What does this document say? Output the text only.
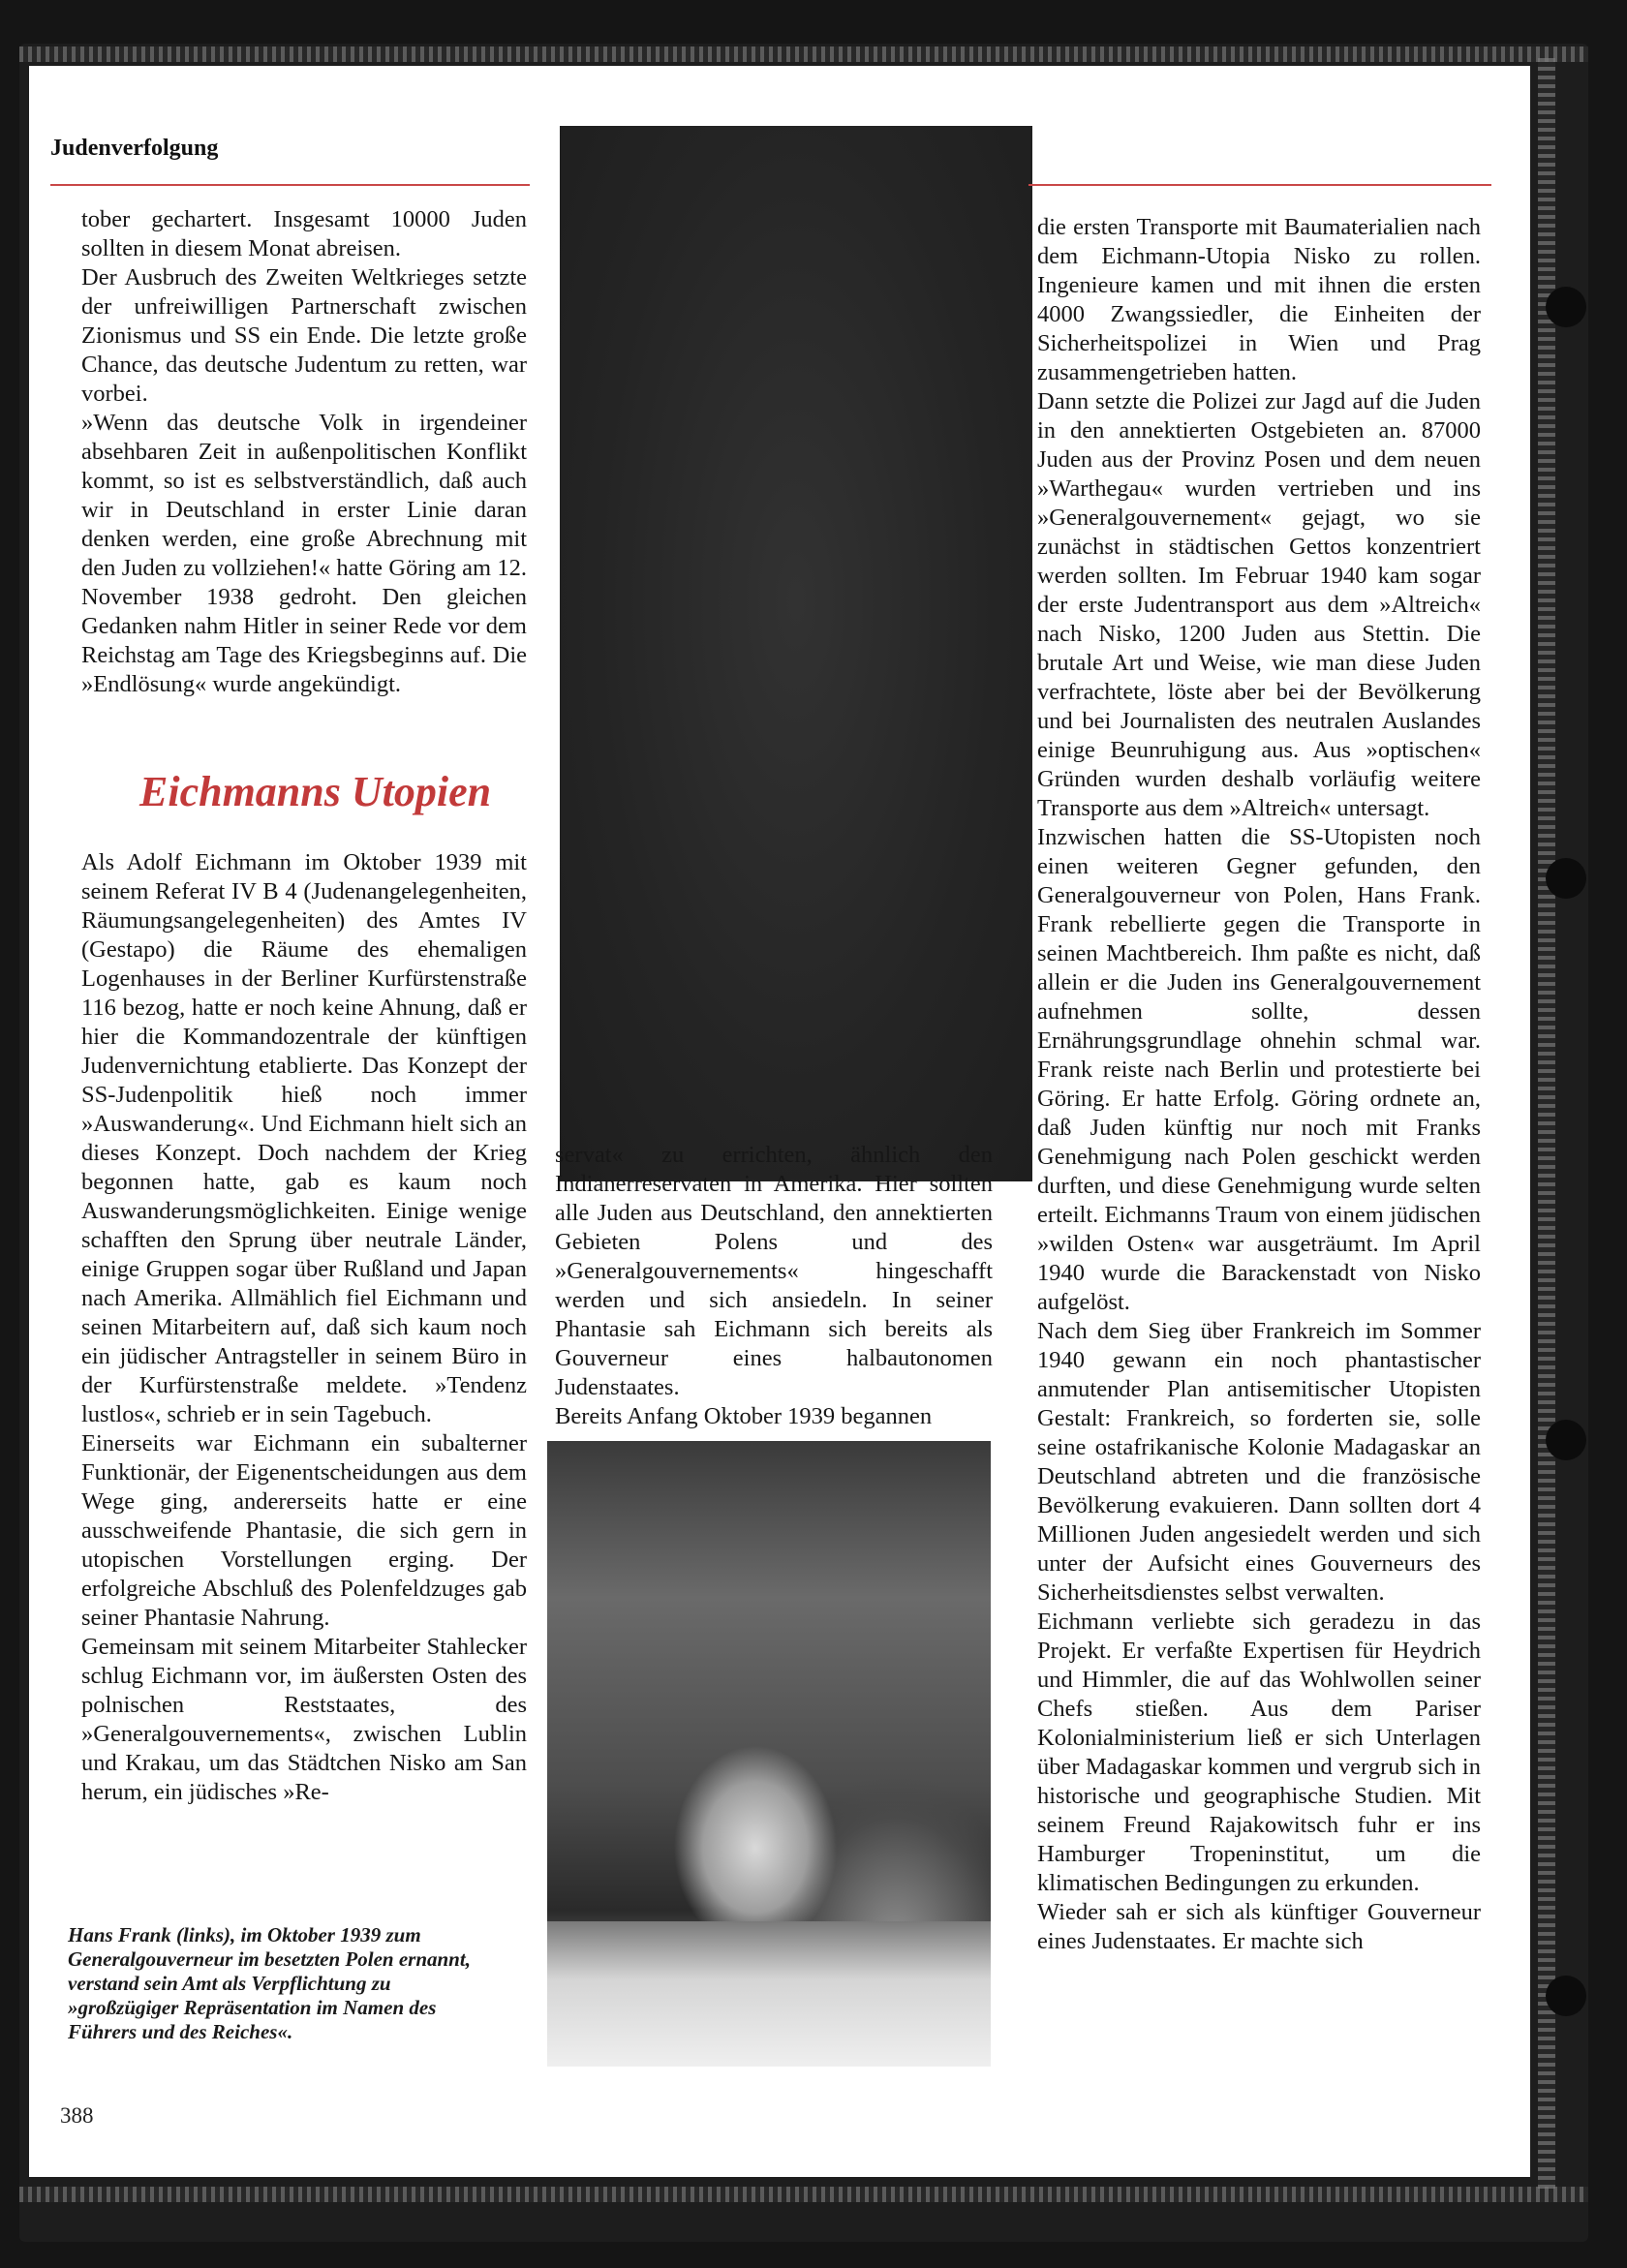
Judenverfolgung

tober gechartert. Insgesamt 10000 Juden sollten in diesem Monat abreisen.

Der Ausbruch des Zweiten Weltkrieges setzte der unfreiwilligen Partnerschaft zwischen Zionismus und SS ein Ende. Die letzte große Chance, das deutsche Judentum zu retten, war vorbei.

»Wenn das deutsche Volk in irgendeiner absehbaren Zeit in außenpolitischen Konflikt kommt, so ist es selbstverständlich, daß auch wir in Deutschland in erster Linie daran denken werden, eine große Abrechnung mit den Juden zu vollziehen!« hatte Göring am 12. November 1938 gedroht. Den gleichen Gedanken nahm Hitler in seiner Rede vor dem Reichstag am Tage des Kriegsbeginns auf. Die »Endlösung« wurde angekündigt.

Eichmanns Utopien

Als Adolf Eichmann im Oktober 1939 mit seinem Referat IV B 4 (Judenangelegenheiten, Räumungsangelegenheiten) des Amtes IV (Gestapo) die Räume des ehemaligen Logenhauses in der Berliner Kurfürstenstraße 116 bezog, hatte er noch keine Ahnung, daß er hier die Kommandozentrale der künftigen Judenvernichtung etablierte. Das Konzept der SS-Judenpolitik hieß noch immer »Auswanderung«. Und Eichmann hielt sich an dieses Konzept. Doch nachdem der Krieg begonnen hatte, gab es kaum noch Auswanderungsmöglichkeiten. Einige wenige schafften den Sprung über neutrale Länder, einige Gruppen sogar über Rußland und Japan nach Amerika. Allmählich fiel Eichmann und seinen Mitarbeitern auf, daß sich kaum noch ein jüdischer Antragsteller in seinem Büro in der Kurfürstenstraße meldete. »Tendenz lustlos«, schrieb er in sein Tagebuch.

Einerseits war Eichmann ein subalterner Funktionär, der Eigenentscheidungen aus dem Wege ging, andererseits hatte er eine ausschweifende Phantasie, die sich gern in utopischen Vorstellungen erging. Der erfolgreiche Abschluß des Polenfeldzuges gab seiner Phantasie Nahrung.

Gemeinsam mit seinem Mitarbeiter Stahlecker schlug Eichmann vor, im äußersten Osten des polnischen Reststaates, des »Generalgouvernements«, zwischen Lublin und Krakau, um das Städtchen Nisko am San herum, ein jüdisches »Re-

servat« zu errichten, ähnlich den Indianerreservaten in Amerika. Hier sollten alle Juden aus Deutschland, den annektierten Gebieten Polens und des »Generalgouvernements« hingeschafft werden und sich ansiedeln. In seiner Phantasie sah Eichmann sich bereits als Gouverneur eines halbautonomen Judenstaates.

Bereits Anfang Oktober 1939 begannen

Hans Frank (links), im Oktober 1939 zum Generalgouverneur im besetzten Polen ernannt, verstand sein Amt als Verpflichtung zu »großzügiger Repräsentation im Namen des Führers und des Reiches«.

die ersten Transporte mit Baumaterialien nach dem Eichmann-Utopia Nisko zu rollen. Ingenieure kamen und mit ihnen die ersten 4000 Zwangssiedler, die Einheiten der Sicherheitspolizei in Wien und Prag zusammengetrieben hatten.

Dann setzte die Polizei zur Jagd auf die Juden in den annektierten Ostgebieten an. 87000 Juden aus der Provinz Posen und dem neuen »Warthegau« wurden vertrieben und ins »Generalgouvernement« gejagt, wo sie zunächst in städtischen Gettos konzentriert werden sollten. Im Februar 1940 kam sogar der erste Judentransport aus dem »Altreich« nach Nisko, 1200 Juden aus Stettin. Die brutale Art und Weise, wie man diese Juden verfrachtete, löste aber bei der Bevölkerung und bei Journalisten des neutralen Auslandes einige Beunruhigung aus. Aus »optischen« Gründen wurden deshalb vorläufig weitere Transporte aus dem »Altreich« untersagt.

Inzwischen hatten die SS-Utopisten noch einen weiteren Gegner gefunden, den Generalgouverneur von Polen, Hans Frank. Frank rebellierte gegen die Transporte in seinen Machtbereich. Ihm paßte es nicht, daß allein er die Juden ins Generalgouvernement aufnehmen sollte, dessen Ernährungsgrundlage ohnehin schmal war. Frank reiste nach Berlin und protestierte bei Göring. Er hatte Erfolg. Göring ordnete an, daß Juden künftig nur noch mit Franks Genehmigung nach Polen geschickt werden durften, und diese Genehmigung wurde selten erteilt. Eichmanns Traum von einem jüdischen »wilden Osten« war ausgeträumt. Im April 1940 wurde die Barackenstadt von Nisko aufgelöst.

Nach dem Sieg über Frankreich im Sommer 1940 gewann ein noch phantastischer anmutender Plan antisemitischer Utopisten Gestalt: Frankreich, so forderten sie, solle seine ostafrikanische Kolonie Madagaskar an Deutschland abtreten und die französische Bevölkerung evakuieren. Dann sollten dort 4 Millionen Juden angesiedelt werden und sich unter der Aufsicht eines Gouverneurs des Sicherheitsdienstes selbst verwalten.

Eichmann verliebte sich geradezu in das Projekt. Er verfaßte Expertisen für Heydrich und Himmler, die auf das Wohlwollen seiner Chefs stießen. Aus dem Pariser Kolonialministerium ließ er sich Unterlagen über Madagaskar kommen und vergrub sich in historische und geographische Studien. Mit seinem Freund Rajakowitsch fuhr er ins Hamburger Tropeninstitut, um die klimatischen Bedingungen zu erkunden.

Wieder sah er sich als künftiger Gouverneur eines Judenstaates. Er machte sich

388
